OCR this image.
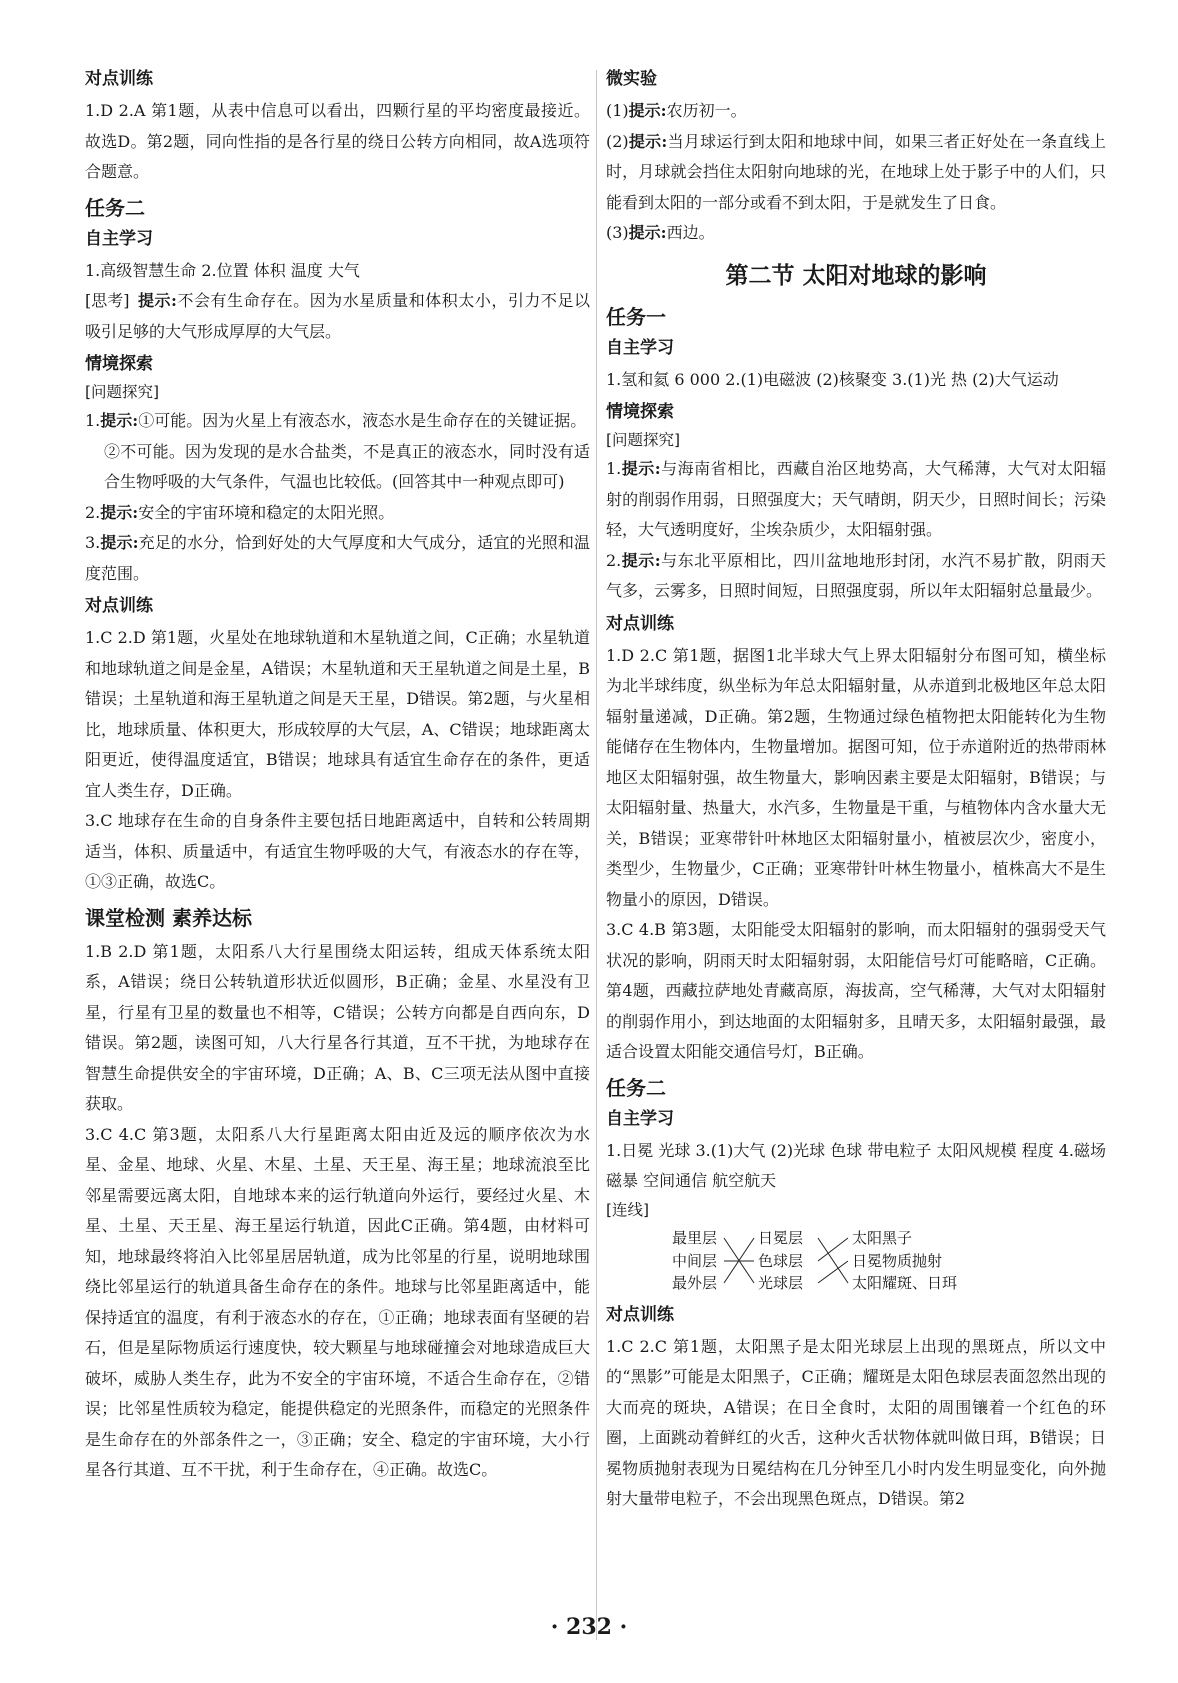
对点训练

1.D 2.A 第1题，从表中信息可以看出，四颗行星的平均密度最接近。故选D。第2题，同向性指的是各行星的绕日公转方向相同，故A选项符合题意。

任务二
自主学习

1.高级智慧生命 2.位置 体积 温度 大气

[思考] 提示:不会有生命存在。因为水星质量和体积太小，引力不足以吸引足够的大气形成厚厚的大气层。

情境探索
[问题探究]

1.提示:①可能。因为火星上有液态水，液态水是生命存在的关键证据。

②不可能。因为发现的是水合盐类，不是真正的液态水，同时没有适合生物呼吸的大气条件，气温也比较低。(回答其中一种观点即可)

2.提示:安全的宇宙环境和稳定的太阳光照。

3.提示:充足的水分，恰到好处的大气厚度和大气成分，适宜的光照和温度范围。

对点训练

1.C 2.D 第1题，火星处在地球轨道和木星轨道之间，C正确；水星轨道和地球轨道之间是金星，A错误；木星轨道和天王星轨道之间是土星，B错误；土星轨道和海王星轨道之间是天王星，D错误。第2题，与火星相比，地球质量、体积更大，形成较厚的大气层，A、C错误；地球距离太阳更近，使得温度适宜，B错误；地球具有适宜生命存在的条件，更适宜人类生存，D正确。

3.C 地球存在生命的自身条件主要包括日地距离适中，自转和公转周期适当，体积、质量适中，有适宜生物呼吸的大气，有液态水的存在等，①③正确，故选C。

课堂检测 素养达标

1.B 2.D 第1题，太阳系八大行星围绕太阳运转，组成天体系统太阳系，A错误；绕日公转轨道形状近似圆形，B正确；金星、水星没有卫星，行星有卫星的数量也不相等，C错误；公转方向都是自西向东，D错误。第2题，读图可知，八大行星各行其道，互不干扰，为地球存在智慧生命提供安全的宇宙环境，D正确；A、B、C三项无法从图中直接获取。

3.C 4.C 第3题，太阳系八大行星距离太阳由近及远的顺序依次为水星、金星、地球、火星、木星、土星、天王星、海王星；地球流浪至比邻星需要远离太阳，自地球本来的运行轨道向外运行，要经过火星、木星、土星、天王星、海王星运行轨道，因此C正确。第4题，由材料可知，地球最终将泊入比邻星居居轨道，成为比邻星的行星，说明地球围绕比邻星运行的轨道具备生命存在的条件。地球与比邻星距离适中，能保持适宜的温度，有利于液态水的存在，①正确；地球表面有坚硬的岩石，但是星际物质运行速度快，较大颗星与地球碰撞会对地球造成巨大破坏，威胁人类生存，此为不安全的宇宙环境，不适合生命存在，②错误；比邻星性质较为稳定，能提供稳定的光照条件，而稳定的光照条件是生命存在的外部条件之一，③正确；安全、稳定的宇宙环境，大小行星各行其道、互不干扰，利于生命存在，④正确。故选C。

微实验

(1)提示:农历初一。

(2)提示:当月球运行到太阳和地球中间，如果三者正好处在一条直线上时，月球就会挡住太阳射向地球的光，在地球上处于影子中的人们，只能看到太阳的一部分或看不到太阳，于是就发生了日食。

(3)提示:西边。

第二节 太阳对地球的影响
任务一
自主学习

1.氢和氦 6 000 2.(1)电磁波 (2)核聚变 3.(1)光 热 (2)大气运动

情境探索
[问题探究]

1.提示:与海南省相比，西藏自治区地势高，大气稀薄，大气对太阳辐射的削弱作用弱，日照强度大；天气晴朗，阴天少，日照时间长；污染轻，大气透明度好，尘埃杂质少，太阳辐射强。

2.提示:与东北平原相比，四川盆地地形封闭，水汽不易扩散，阴雨天气多，云雾多，日照时间短，日照强度弱，所以年太阳辐射总量最少。

对点训练

1.D 2.C 第1题，据图1北半球大气上界太阳辐射分布图可知，横坐标为北半球纬度，纵坐标为年总太阳辐射量，从赤道到北极地区年总太阳辐射量递减，D正确。第2题，生物通过绿色植物把太阳能转化为生物能储存在生物体内，生物量增加。据图可知，位于赤道附近的热带雨林地区太阳辐射强，故生物量大，影响因素主要是太阳辐射，B错误；与太阳辐射量、热量大，水汽多，生物量是干重，与植物体内含水量大无关，B错误；亚寒带针叶林地区太阳辐射量小，植被层次少，密度小，类型少，生物量少，C正确；亚寒带针叶林生物量小，植株高大不是生物量小的原因，D错误。

3.C 4.B 第3题，太阳能受太阳辐射的影响，而太阳辐射的强弱受天气状况的影响，阴雨天时太阳辐射弱，太阳能信号灯可能略暗，C正确。第4题，西藏拉萨地处青藏高原，海拔高，空气稀薄，大气对太阳辐射的削弱作用小，到达地面的太阳辐射多，且晴天多，太阳辐射最强，最适合设置太阳能交通信号灯，B正确。

任务二
自主学习

1.日冕 光球 3.(1)大气 (2)光球 色球 带电粒子 太阳风规模 程度 4.磁场 磁暴 空间通信 航空航天

[连线]
最里层
中间层
最外层
日冕层
色球层
光球层
太阳黑子
日冕物质抛射
太阳耀斑、日珥
对点训练

1.C 2.C 第1题，太阳黑子是太阳光球层上出现的黑斑点，所以文中的“黑影”可能是太阳黑子，C正确；耀斑是太阳色球层表面忽然出现的大而亮的斑块，A错误；在日全食时，太阳的周围镶着一个红色的环圈，上面跳动着鲜红的火舌，这种火舌状物体就叫做日珥，B错误；日冕物质抛射表现为日冕结构在几分钟至几小时内发生明显变化，向外抛射大量带电粒子，不会出现黑色斑点，D错误。第2

· 232 ·
